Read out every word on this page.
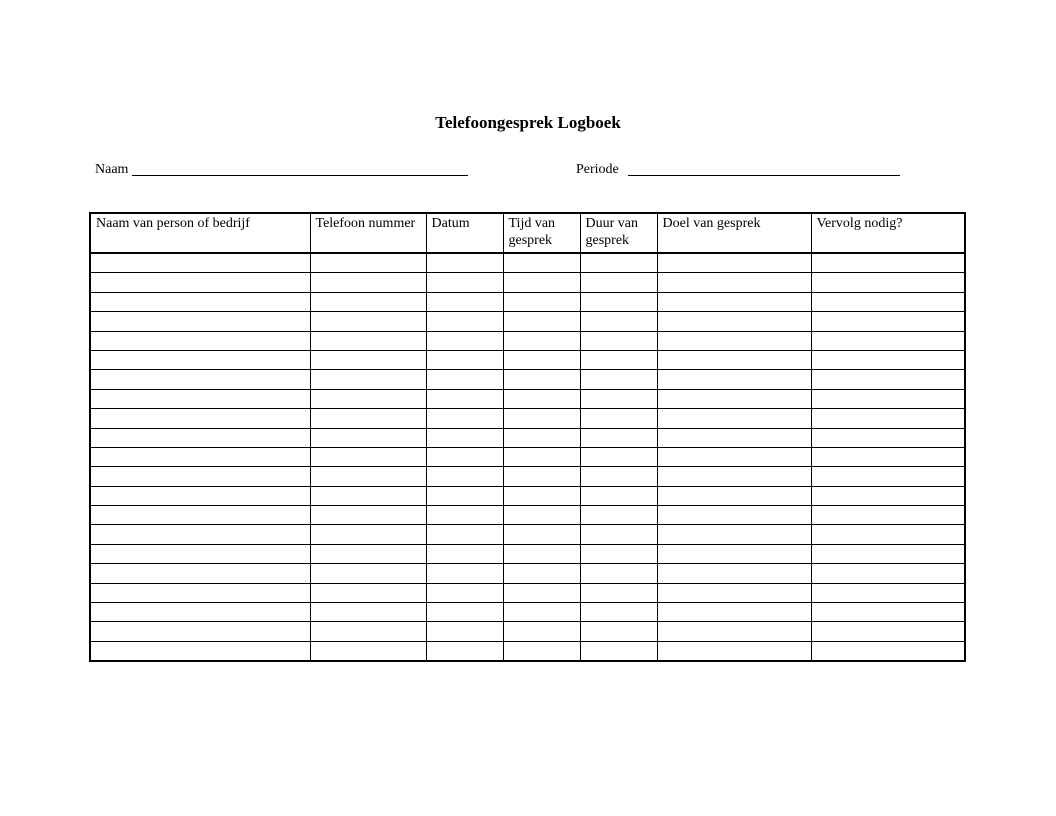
Telefoongesprek Logboek
Naam	Periode
Naam van person of bedrijf	Telefoon nummer	Datum	Tijd van gesprek	Duur van gesprek	Doel van gesprek	Vervolg nodig?
